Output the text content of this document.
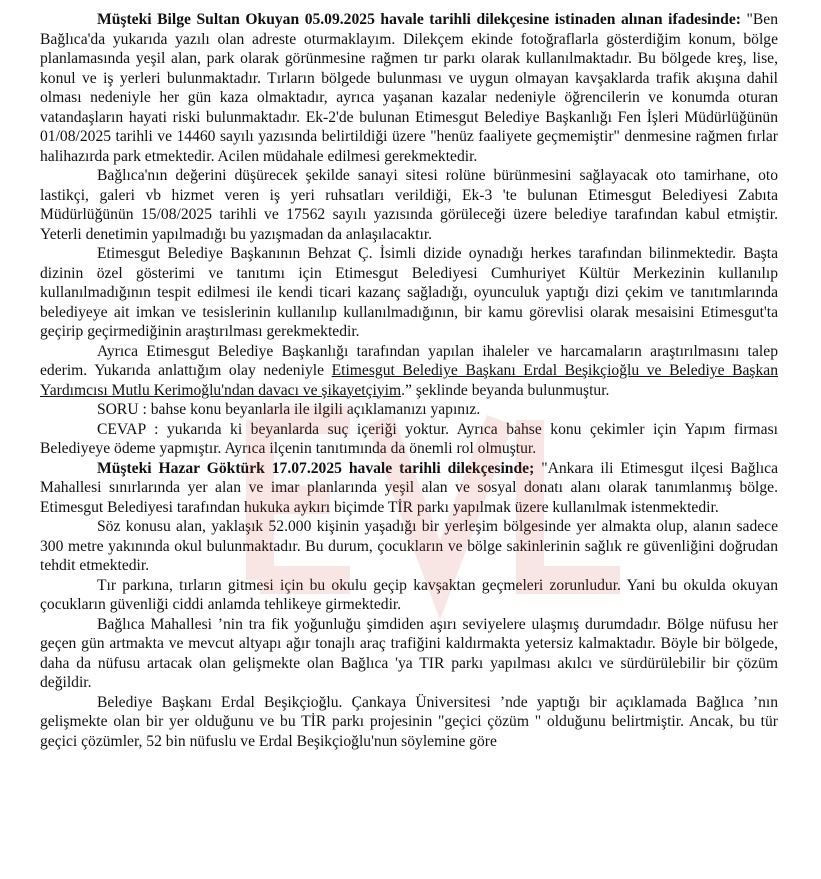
Müşteki Bilge Sultan Okuyan 05.09.2025 havale tarihli dilekçesine istinaden alınan ifadesinde: "Ben Bağlıca'da yukarıda yazılı olan adreste oturmaklayım. Dilekçem ekinde fotoğraflarla gösterdiğim konum, bölge planlamasında yeşil alan, park olarak görünmesine rağmen tır parkı olarak kullanılmaktadır. Bu bölgede kreş, lise, konul ve iş yerleri bulunmaktadır. Tırların bölgede bulunması ve uygun olmayan kavşaklarda trafik akışına dahil olması nedeniyle her gün kaza olmaktadır, ayrıca yaşanan kazalar nedeniyle öğrencilerin ve konumda oturan vatandaşların hayati riski bulunmaktadır. Ek-2'de bulunan Etimesgut Belediye Başkanlığı Fen İşleri Müdürlüğünün 01/08/2025 tarihli ve 14460 sayılı yazısında belirtildiği üzere "henüz faaliyete geçmemiştir" denmesine rağmen fırlar halihazırda park etmektedir. Acilen müdahale edilmesi gerekmektedir.

Bağlıca'nın değerini düşürecek şekilde sanayi sitesi rolüne bürünmesini sağlayacak oto tamirhane, oto lastikçi, galeri vb hizmet veren iş yeri ruhsatları verildiği, Ek-3 'te bulunan Etimesgut Belediyesi Zabıta Müdürlüğünün 15/08/2025 tarihli ve 17562 sayılı yazısında görüleceği üzere belediye tarafından kabul etmiştir. Yeterli denetimin yapılmadığı bu yazışmadan da anlaşılacaktır.

Etimesgut Belediye Başkanının Behzat Ç. İsimli dizide oynadığı herkes tarafından bilinmektedir. Başta dizinin özel gösterimi ve tanıtımı için Etimesgut Belediyesi Cumhuriyet Kültür Merkezinin kullanılıp kullanılmadığının tespit edilmesi ile kendi ticari kazanç sağladığı, oyunculuk yaptığı dizi çekim ve tanıtımlarında belediyeye ait imkan ve tesislerinin kullanılıp kullanılmadığının, bir kamu görevlisi olarak mesaisini Etimesgut'ta geçirip geçirmediğinin araştırılması gerekmektedir.

Ayrıca Etimesgut Belediye Başkanlığı tarafından yapılan ihaleler ve harcamaların araştırılmasını talep ederim. Yukarıda anlattığım olay nedeniyle Etimesgut Belediye Başkanı Erdal Beşikçioğlu ve Belediye Başkan Yardımcısı Mutlu Kerimoğlu'ndan davacı ve şikayetçiyim.” şeklinde beyanda bulunmuştur.

SORU : bahse konu beyanlarla ile ilgili açıklamanızı yapınız.

CEVAP : yukarıda ki beyanlarda suç içeriği yoktur. Ayrıca bahse konu çekimler için Yapım firması Belediyeye ödeme yapmıştır. Ayrıca ilçenin tanıtımında da önemli rol olmuştur.

Müşteki Hazar Göktürk 17.07.2025 havale tarihli dilekçesinde; "Ankara ili Etimesgut ilçesi Bağlıca Mahallesi sınırlarında yer alan ve imar planlarında yeşil alan ve sosyal donatı alanı olarak tanımlanmış bölge. Etimesgut Belediyesi tarafından hukuka aykırı biçimde TİR parkı yapılmak üzere kullanılmak istenmektedir.

Söz konusu alan, yaklaşık 52.000 kişinin yaşadığı bir yerleşim bölgesinde yer almakta olup, alanın sadece 300 metre yakınında okul bulunmaktadır. Bu durum, çocukların ve bölge sakinlerinin sağlık re güvenliğini doğrudan tehdit etmektedir.

Tır parkına, tırların gitmesi için bu okulu geçip kavşaktan geçmeleri zorunludur. Yani bu okulda okuyan çocukların güvenliği ciddi anlamda tehlikeye girmektedir.

Bağlıca Mahallesi ’nin tra fik yoğunluğu şimdiden aşırı seviyelere ulaşmış durumdadır. Bölge nüfusu her geçen gün artmakta ve mevcut altyapı ağır tonajlı araç trafiğini kaldırmakta yetersiz kalmaktadır. Böyle bir bölgede, daha da nüfusu artacak olan gelişmekte olan Bağlıca 'ya TIR parkı yapılması akılcı ve sürdürülebilir bir çözüm değildir.

Belediye Başkanı Erdal Beşikçioğlu. Çankaya Üniversitesi ’nde yaptığı bir açıklamada Bağlıca ’nın gelişmekte olan bir yer olduğunu ve bu TİR parkı projesinin "geçici çözüm " olduğunu belirtmiştir. Ancak, bu tür geçici çözümler, 52 bin nüfuslu ve Erdal Beşikçioğlu'nun söylemine göre
